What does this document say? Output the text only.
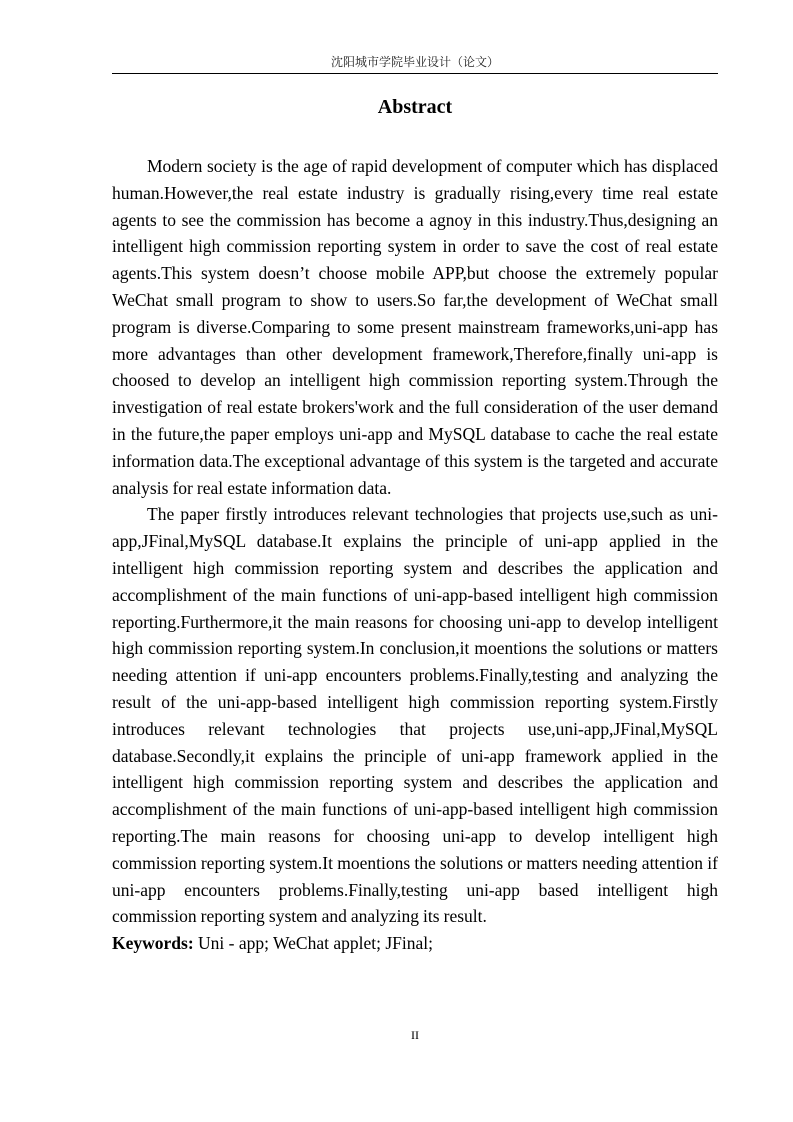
沈阳城市学院毕业设计（论文）
Abstract

Modern society is the age of rapid development of computer which has displaced human.However,the real estate industry is gradually rising,every time real estate agents to see the commission has become a agnoy in this industry.Thus,designing an intelligent high commission reporting system in order to save the cost of real estate agents.This system doesn’t choose mobile APP,but choose the extremely popular WeChat small program to show to users.So far,the development of WeChat small program is diverse.Comparing to some present mainstream frameworks,uni-app has more advantages than other development framework,Therefore,finally uni-app is choosed to develop an intelligent high commission reporting system.Through the investigation of real estate brokers'work and the full consideration of the user demand in the future,the paper employs uni-app and MySQL database to cache the real estate information data.The exceptional advantage of this system is the targeted and accurate analysis for real estate information data.

The paper firstly introduces relevant technologies that projects use,such as uni-app,JFinal,MySQL database.It explains the principle of uni-app applied in the intelligent high commission reporting system and describes the application and accomplishment of the main functions of uni-app-based intelligent high commission reporting.Furthermore,it the main reasons for choosing uni-app to develop intelligent high commission reporting system.In conclusion,it moentions the solutions or matters needing attention if uni-app encounters problems.Finally,testing and analyzing the result of the uni-app-based intelligent high commission reporting system.Firstly introduces relevant technologies that projects use,uni-app,JFinal,MySQL database.Secondly,it explains the principle of uni-app framework applied in the intelligent high commission reporting system and describes the application and accomplishment of the main functions of uni-app-based intelligent high commission reporting.The main reasons for choosing uni-app to develop intelligent high commission reporting system.It moentions the solutions or matters needing attention if uni-app encounters problems.Finally,testing uni-app based intelligent high commission reporting system and analyzing its result.

Keywords: Uni - app; WeChat applet; JFinal;

II
